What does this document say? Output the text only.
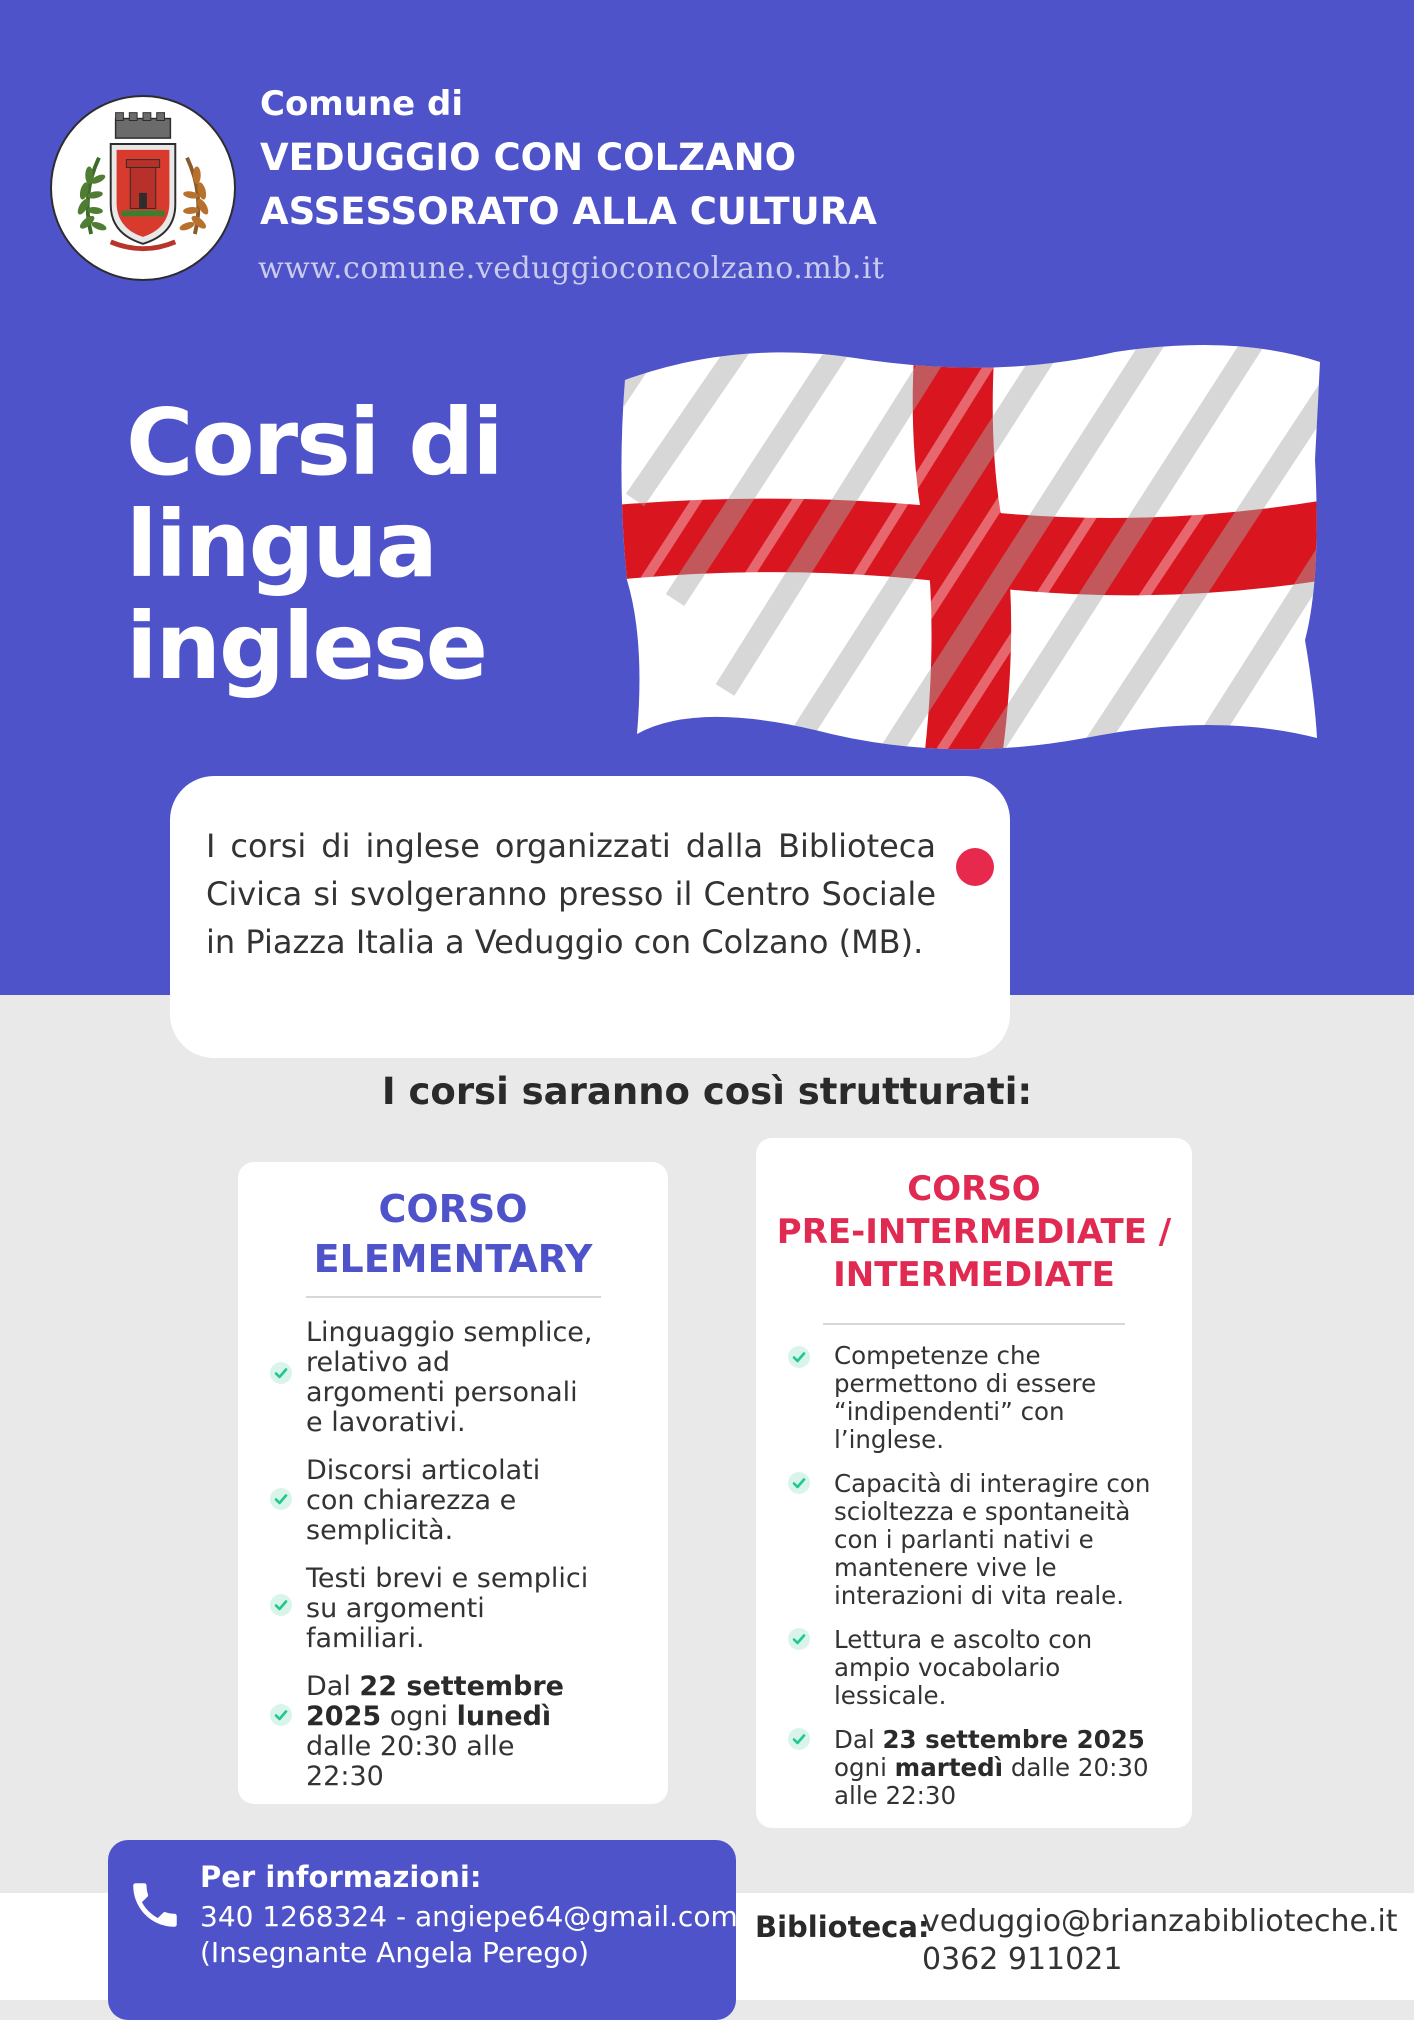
Comune di
VEDUGGIO CON COLZANO
ASSESSORATO ALLA CULTURA
www.comune.veduggioconcolzano.mb.it
Corsi di
lingua
inglese
I corsi di inglese organizzati dalla Biblioteca Civica si svolgeranno presso il Centro Sociale in Piazza Italia a Veduggio con Colzano (MB).
I corsi saranno così strutturati:
CORSO
ELEMENTARY
Linguaggio semplice, relativo ad argomenti personali e lavorativi.
Discorsi articolati con chiarezza e semplicità.
Testi brevi e semplici su argomenti familiari.
Dal 22 settembre 2025 ogni lunedì dalle 20:30 alle 22:30
CORSO
PRE-INTERMEDIATE /
INTERMEDIATE
Competenze che permettono di essere “indipendenti” con l’inglese.
Capacità di interagire con scioltezza e spontaneità con i parlanti nativi e mantenere vive le interazioni di vita reale.
Lettura e ascolto con ampio vocabolario lessicale.
Dal 23 settembre 2025 ogni martedì dalle 20:30 alle 22:30
Per informazioni:
340 1268324 - angiepe64@gmail.com
(Insegnante Angela Perego)
Biblioteca:
veduggio@brianzabiblioteche.it
0362 911021
